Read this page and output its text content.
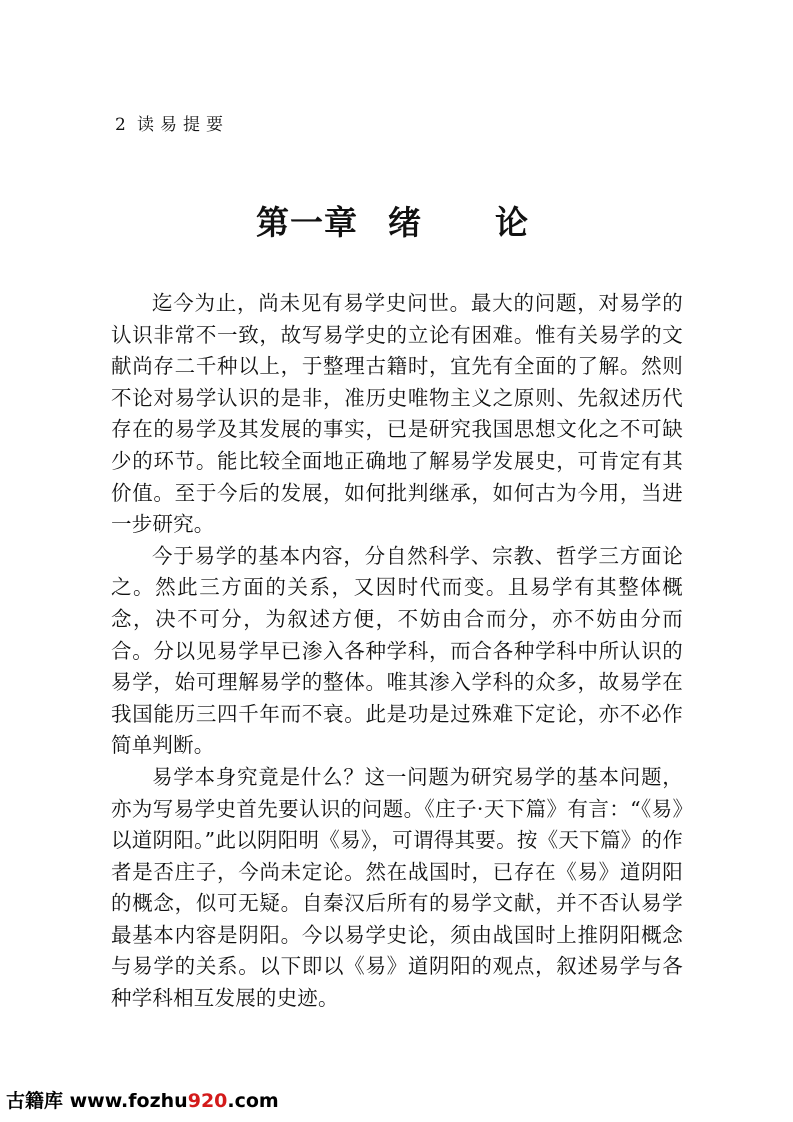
2 读易提要
第一章 绪 论

迄今为止，尚未见有易学史问世。最大的问题，对易学的认识非常不一致，故写易学史的立论有困难。惟有关易学的文献尚存二千种以上，于整理古籍时，宜先有全面的了解。然则不论对易学认识的是非，准历史唯物主义之原则、先叙述历代存在的易学及其发展的事实，已是研究我国思想文化之不可缺少的环节。能比较全面地正确地了解易学发展史，可肯定有其价值。至于今后的发展，如何批判继承，如何古为今用，当进一步研究。

今于易学的基本内容，分自然科学、宗教、哲学三方面论之。然此三方面的关系，又因时代而变。且易学有其整体概念，决不可分，为叙述方便，不妨由合而分，亦不妨由分而合。分以见易学早已渗入各种学科，而合各种学科中所认识的易学，始可理解易学的整体。唯其渗入学科的众多，故易学在我国能历三四千年而不衰。此是功是过殊难下定论，亦不必作简单判断。

易学本身究竟是什么？这一问题为研究易学的基本问题，亦为写易学史首先要认识的问题。《庄子·天下篇》有言：“《易》以道阴阳。”此以阴阳明《易》，可谓得其要。按《天下篇》的作者是否庄子，今尚未定论。然在战国时，已存在《易》道阴阳的概念，似可无疑。自秦汉后所有的易学文献，并不否认易学最基本内容是阴阳。今以易学史论，须由战国时上推阴阳概念与易学的关系。以下即以《易》道阴阳的观点，叙述易学与各种学科相互发展的史迹。

古籍库 www.fozhu920.com
